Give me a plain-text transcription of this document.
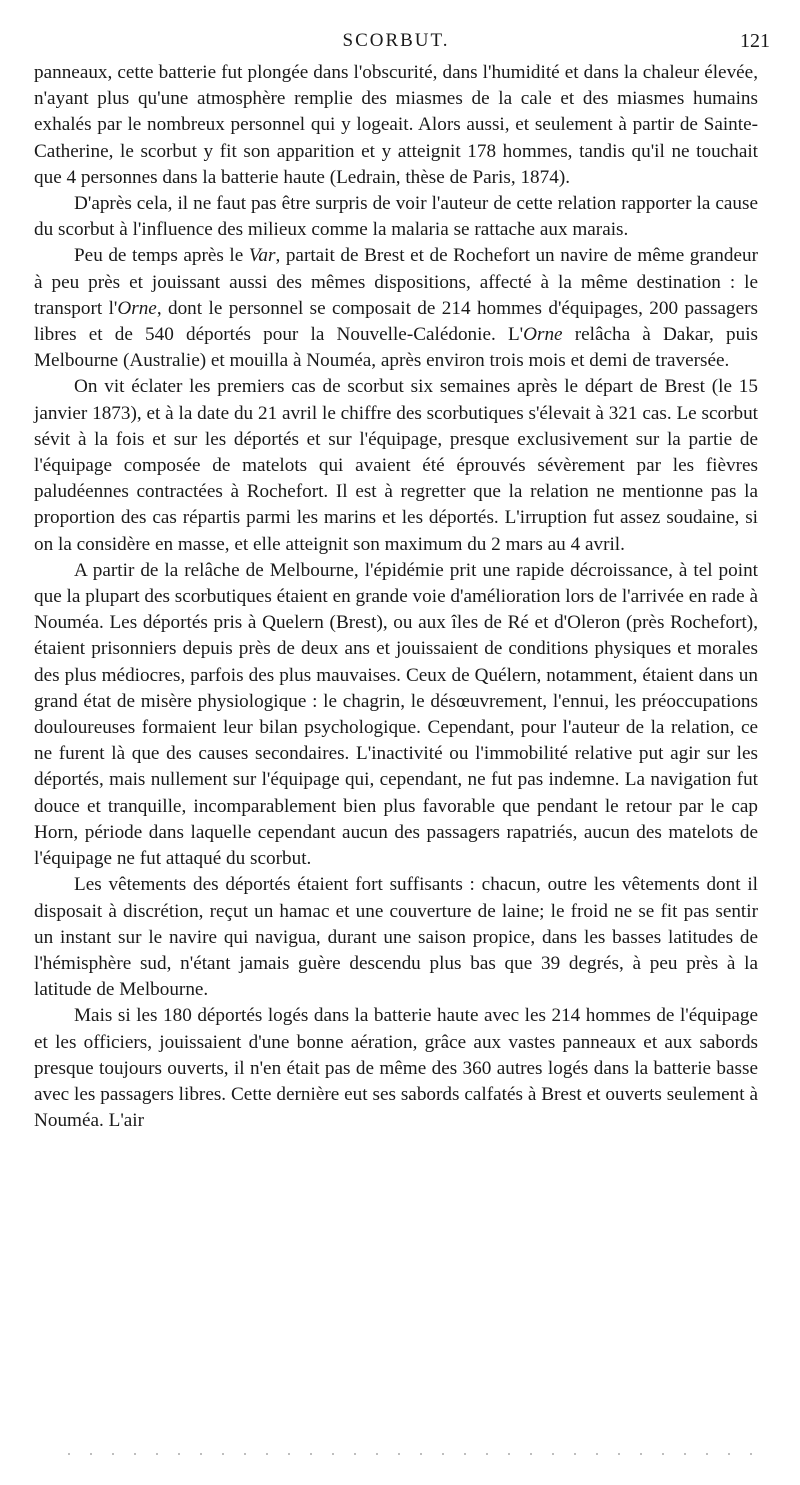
SCORBUT.	121

panneaux, cette batterie fut plongée dans l'obscurité, dans l'humidité et dans la chaleur élevée, n'ayant plus qu'une atmosphère remplie des miasmes de la cale et des miasmes humains exhalés par le nombreux personnel qui y logeait. Alors aussi, et seulement à partir de Sainte-Catherine, le scorbut y fit son apparition et y atteignit 178 hommes, tandis qu'il ne touchait que 4 personnes dans la batterie haute (Ledrain, thèse de Paris, 1874).

D'après cela, il ne faut pas être surpris de voir l'auteur de cette relation rapporter la cause du scorbut à l'influence des milieux comme la malaria se rattache aux marais.

Peu de temps après le Var, partait de Brest et de Rochefort un navire de même grandeur à peu près et jouissant aussi des mêmes dispositions, affecté à la même destination : le transport l'Orne, dont le personnel se composait de 214 hommes d'équipages, 200 passagers libres et de 540 déportés pour la Nouvelle-Calédonie. L'Orne relâcha à Dakar, puis Melbourne (Australie) et mouilla à Nouméa, après environ trois mois et demi de traversée.

On vit éclater les premiers cas de scorbut six semaines après le départ de Brest (le 15 janvier 1873), et à la date du 21 avril le chiffre des scorbutiques s'élevait à 321 cas. Le scorbut sévit à la fois et sur les déportés et sur l'équipage, presque exclusivement sur la partie de l'équipage composée de matelots qui avaient été éprouvés sévèrement par les fièvres paludéennes contractées à Rochefort. Il est à regretter que la relation ne mentionne pas la proportion des cas répartis parmi les marins et les déportés. L'irruption fut assez soudaine, si on la considère en masse, et elle atteignit son maximum du 2 mars au 4 avril.

A partir de la relâche de Melbourne, l'épidémie prit une rapide décroissance, à tel point que la plupart des scorbutiques étaient en grande voie d'amélioration lors de l'arrivée en rade à Nouméa. Les déportés pris à Quelern (Brest), ou aux îles de Ré et d'Oleron (près Rochefort), étaient prisonniers depuis près de deux ans et jouissaient de conditions physiques et morales des plus médiocres, parfois des plus mauvaises. Ceux de Quélern, notamment, étaient dans un grand état de misère physiologique : le chagrin, le désœuvrement, l'ennui, les préoccupations douloureuses formaient leur bilan psychologique. Cependant, pour l'auteur de la relation, ce ne furent là que des causes secondaires. L'inactivité ou l'immobilité relative put agir sur les déportés, mais nullement sur l'équipage qui, cependant, ne fut pas indemne. La navigation fut douce et tranquille, incomparablement bien plus favorable que pendant le retour par le cap Horn, période dans laquelle cependant aucun des passagers rapatriés, aucun des matelots de l'équipage ne fut attaqué du scorbut.

Les vêtements des déportés étaient fort suffisants : chacun, outre les vêtements dont il disposait à discrétion, reçut un hamac et une couverture de laine; le froid ne se fit pas sentir un instant sur le navire qui navigua, durant une saison propice, dans les basses latitudes de l'hémisphère sud, n'étant jamais guère descendu plus bas que 39 degrés, à peu près à la latitude de Melbourne.

Mais si les 180 déportés logés dans la batterie haute avec les 214 hommes de l'équipage et les officiers, jouissaient d'une bonne aération, grâce aux vastes panneaux et aux sabords presque toujours ouverts, il n'en était pas de même des 360 autres logés dans la batterie basse avec les passagers libres. Cette dernière eut ses sabords calfatés à Brest et ouverts seulement à Nouméa. L'air
